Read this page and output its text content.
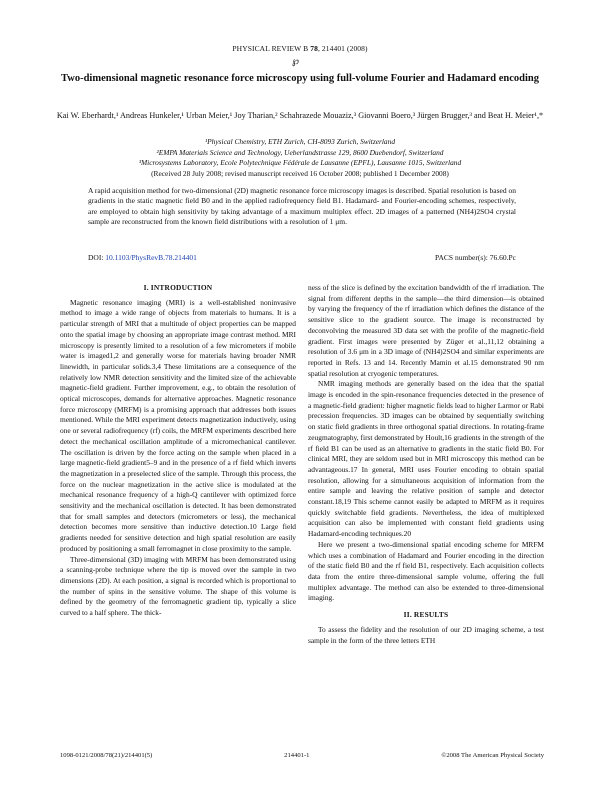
PHYSICAL REVIEW B 78, 214401 (2008)
℘
Two-dimensional magnetic resonance force microscopy using full-volume Fourier and Hadamard encoding
Kai W. Eberhardt,¹ Andreas Hunkeler,¹ Urban Meier,¹ Joy Tharian,² Schahrazede Mouaziz,³ Giovanni Boero,³ Jürgen Brugger,³ and Beat H. Meier¹,*
¹Physical Chemistry, ETH Zurich, CH-8093 Zurich, Switzerland
²EMPA Materials Science and Technology, Ueberlandstrasse 129, 8600 Duebendorf, Switzerland
³Microsystems Laboratory, Ecole Polytechnique Fédérale de Lausanne (EPFL), Lausanne 1015, Switzerland
(Received 28 July 2008; revised manuscript received 16 October 2008; published 1 December 2008)
A rapid acquisition method for two-dimensional (2D) magnetic resonance force microscopy images is described. Spatial resolution is based on gradients in the static magnetic field B0 and in the applied radiofrequency field B1. Hadamard- and Fourier-encoding schemes, respectively, are employed to obtain high sensitivity by taking advantage of a maximum multiplex effect. 2D images of a patterned (NH4)2SO4 crystal sample are reconstructed from the known field distributions with a resolution of 1 μm.
DOI: 10.1103/PhysRevB.78.214401	PACS number(s): 76.60.Pc
I. INTRODUCTION

Magnetic resonance imaging (MRI) is a well-established noninvasive method to image a wide range of objects from materials to humans. It is a particular strength of MRI that a multitude of object properties can be mapped onto the spatial image by choosing an appropriate image contrast method. MRI microscopy is presently limited to a resolution of a few micrometers if mobile water is imaged1,2 and generally worse for materials having broader NMR linewidth, in particular solids.3,4 These limitations are a consequence of the relatively low NMR detection sensitivity and the limited size of the achievable magnetic-field gradient. Further improvement, e.g., to obtain the resolution of optical microscopes, demands for alternative approaches. Magnetic resonance force microscopy (MRFM) is a promising approach that addresses both issues mentioned. While the MRI experiment detects magnetization inductively, using one or several radiofrequency (rf) coils, the MRFM experiments described here detect the mechanical oscillation amplitude of a micromechanical cantilever. The oscillation is driven by the force acting on the sample when placed in a large magnetic-field gradient5–9 and in the presence of a rf field which inverts the magnetization in a preselected slice of the sample. Through this process, the force on the nuclear magnetization in the active slice is modulated at the mechanical resonance frequency of a high-Q cantilever with optimized force sensitivity and the mechanical oscillation is detected. It has been demonstrated that for small samples and detectors (micrometers or less), the mechanical detection becomes more sensitive than inductive detection.10 Large field gradients needed for sensitive detection and high spatial resolution are easily produced by positioning a small ferromagnet in close proximity to the sample.

Three-dimensional (3D) imaging with MRFM has been demonstrated using a scanning-probe technique where the tip is moved over the sample in two dimensions (2D). At each position, a signal is recorded which is proportional to the number of spins in the sensitive volume. The shape of this volume is defined by the geometry of the ferromagnetic gradient tip, typically a slice curved to a half sphere. The thick-

ness of the slice is defined by the excitation bandwidth of the rf irradiation. The signal from different depths in the sample—the third dimension—is obtained by varying the frequency of the rf irradiation which defines the distance of the sensitive slice to the gradient source. The image is reconstructed by deconvolving the measured 3D data set with the profile of the magnetic-field gradient. First images were presented by Züger et al.,11,12 obtaining a resolution of 3.6 μm in a 3D image of (NH4)2SO4 and similar experiments are reported in Refs. 13 and 14. Recently Mamin et al.15 demonstrated 90 nm spatial resolution at cryogenic temperatures.

NMR imaging methods are generally based on the idea that the spatial image is encoded in the spin-resonance frequencies detected in the presence of a magnetic-field gradient: higher magnetic fields lead to higher Larmor or Rabi precession frequencies. 3D images can be obtained by sequentially switching on static field gradients in three orthogonal spatial directions. In rotating-frame zeugmatography, first demonstrated by Hoult,16 gradients in the strength of the rf field B1 can be used as an alternative to gradients in the static field B0. For clinical MRI, they are seldom used but in MRI microscopy this method can be advantageous.17 In general, MRI uses Fourier encoding to obtain spatial resolution, allowing for a simultaneous acquisition of information from the entire sample and leaving the relative position of sample and detector constant.18,19 This scheme cannot easily be adapted to MRFM as it requires quickly switchable field gradients. Nevertheless, the idea of multiplexed acquisition can also be implemented with constant field gradients using Hadamard-encoding techniques.20

Here we present a two-dimensional spatial encoding scheme for MRFM which uses a combination of Hadamard and Fourier encoding in the direction of the static field B0 and the rf field B1, respectively. Each acquisition collects data from the entire three-dimensional sample volume, offering the full multiplex advantage. The method can also be extended to three-dimensional imaging.

II. RESULTS

To assess the fidelity and the resolution of our 2D imaging scheme, a test sample in the form of the three letters ETH

1098-0121/2008/78(21)/214401(5)	214401-1	©2008 The American Physical Society
